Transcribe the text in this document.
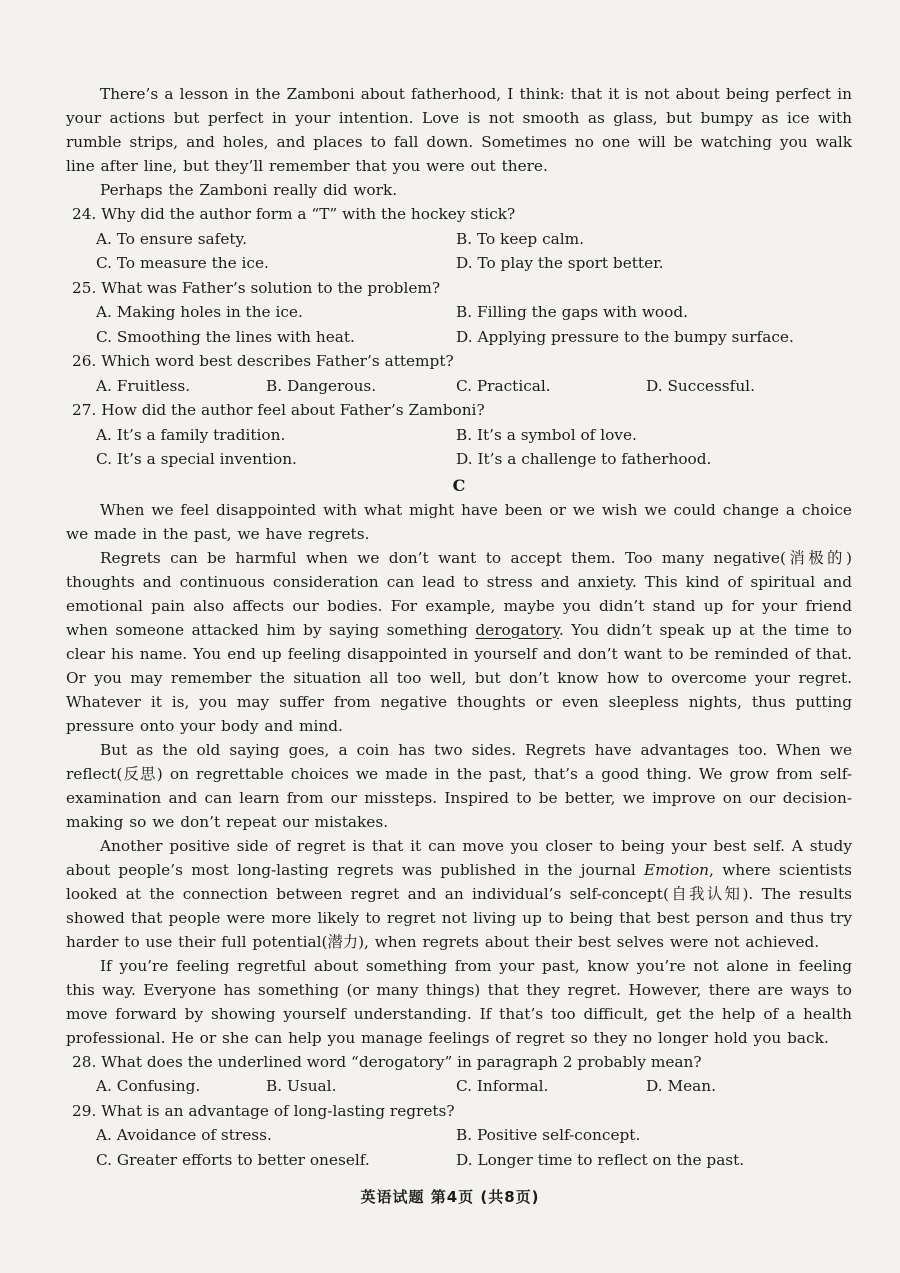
There’s a lesson in the Zamboni about fatherhood, I think: that it is not about being perfect in your actions but perfect in your intention. Love is not smooth as glass, but bumpy as ice with rumble strips, and holes, and places to fall down. Sometimes no one will be watching you walk line after line, but they’ll remember that you were out there.

Perhaps the Zamboni really did work.

24. Why did the author form a “T” with the hockey stick?

A. To ensure safety.	B. To keep calm.
C. To measure the ice.	D. To play the sport better.

25. What was Father’s solution to the problem?

A. Making holes in the ice.	B. Filling the gaps with wood.
C. Smoothing the lines with heat.	D. Applying pressure to the bumpy surface.

26. Which word best describes Father’s attempt?

A. Fruitless.	B. Dangerous.	C. Practical.	D. Successful.

27. How did the author feel about Father’s Zamboni?

A. It’s a family tradition.	B. It’s a symbol of love.
C. It’s a special invention.	D. It’s a challenge to fatherhood.
C

When we feel disappointed with what might have been or we wish we could change a choice we made in the past, we have regrets.

Regrets can be harmful when we don’t want to accept them. Too many negative(消极的) thoughts and continuous consideration can lead to stress and anxiety. This kind of spiritual and emotional pain also affects our bodies. For example, maybe you didn’t stand up for your friend when someone attacked him by saying something derogatory. You didn’t speak up at the time to clear his name. You end up feeling disappointed in yourself and don’t want to be reminded of that. Or you may remember the situation all too well, but don’t know how to overcome your regret. Whatever it is, you may suffer from negative thoughts or even sleepless nights, thus putting pressure onto your body and mind.

But as the old saying goes, a coin has two sides. Regrets have advantages too. When we reflect(反思) on regrettable choices we made in the past, that’s a good thing. We grow from self-examination and can learn from our missteps. Inspired to be better, we improve on our decision-making so we don’t repeat our mistakes.

Another positive side of regret is that it can move you closer to being your best self. A study about people’s most long-lasting regrets was published in the journal Emotion, where scientists looked at the connection between regret and an individual’s self-concept(自我认知). The results showed that people were more likely to regret not living up to being that best person and thus try harder to use their full potential(潜力), when regrets about their best selves were not achieved.

If you’re feeling regretful about something from your past, know you’re not alone in feeling this way. Everyone has something (or many things) that they regret. However, there are ways to move forward by showing yourself understanding. If that’s too difficult, get the help of a health professional. He or she can help you manage feelings of regret so they no longer hold you back.

28. What does the underlined word “derogatory” in paragraph 2 probably mean?

A. Confusing.	B. Usual.	C. Informal.	D. Mean.

29. What is an advantage of long-lasting regrets?

A. Avoidance of stress.	B. Positive self-concept.
C. Greater efforts to better oneself.	D. Longer time to reflect on the past.
英语试题 第4页 (共8页)
